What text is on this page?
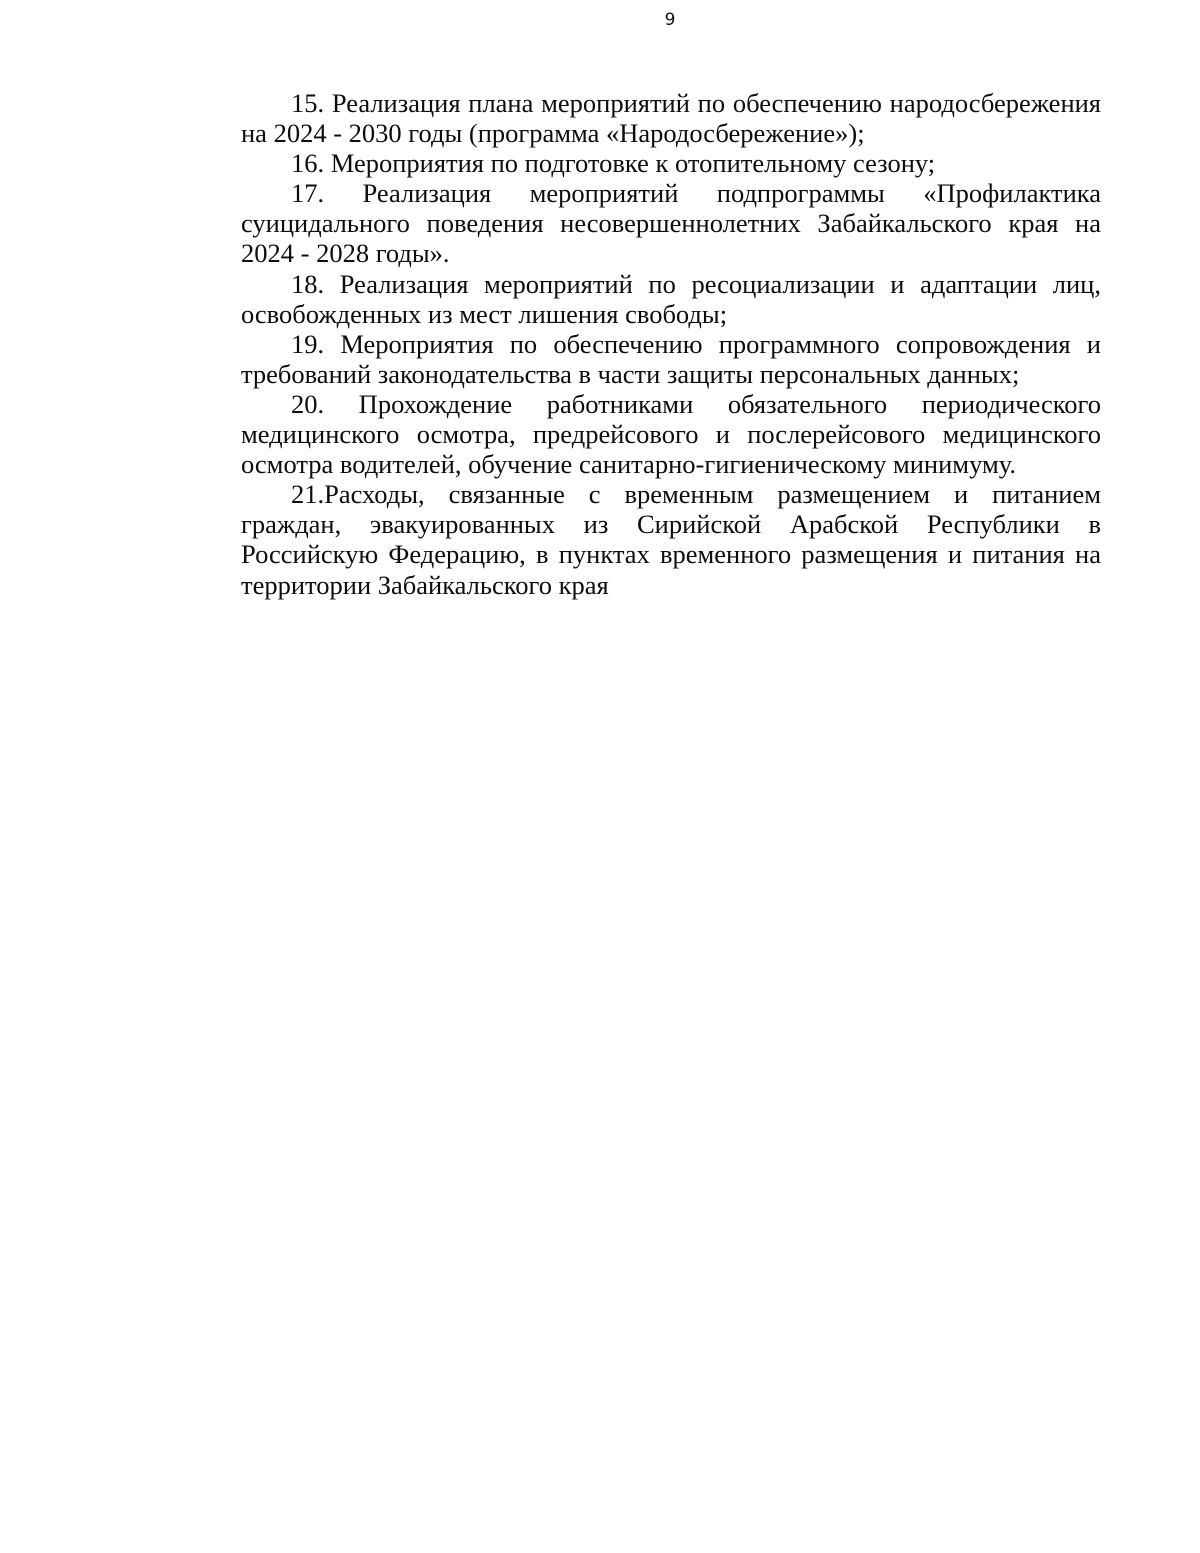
9

15. Реализация плана мероприятий по обеспечению народосбережения на 2024 - 2030 годы (программа «Народосбережение»);

16. Мероприятия по подготовке к отопительному сезону;

17. Реализация мероприятий подпрограммы «Профилактика суицидального поведения несовершеннолетних Забайкальского края на 2024 - 2028 годы».

18. Реализация мероприятий по ресоциализации и адаптации лиц, освобожденных из мест лишения свободы;

19. Мероприятия по обеспечению программного сопровождения и требований законодательства в части защиты персональных данных;

20. Прохождение работниками обязательного периодического медицинского осмотра, предрейсового и послерейсового медицинского осмотра водителей, обучение санитарно-гигиеническому минимуму.

21.Расходы, связанные с временным размещением и питанием граждан, эвакуированных из Сирийской Арабской Республики в Российскую Федерацию, в пунктах временного размещения и питания на территории Забайкальского края
